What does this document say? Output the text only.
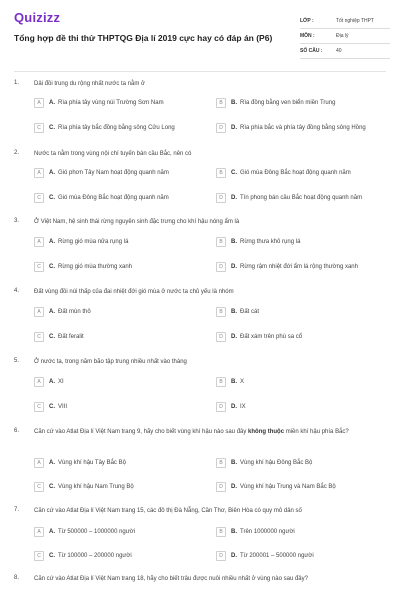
Quizizz
Tổng hợp đề thi thử THPTQG Địa lí 2019 cực hay có đáp án (P6)
LỚP :	Tốt nghiệp THPT
MÔN :	Địa lý
SỐ CÂU :	40
1. Dải đồi trung du rộng nhất nước ta nằm ở
A	A. Rìa phía tây vùng núi Trường Sơn Nam	B	B. Rìa đồng bằng ven biển miền Trung
C	C. Rìa phía tây bắc đồng bằng sông Cửu Long	D	D. Rìa phía bắc và phía tây đồng bằng sông Hồng
2. Nước ta nằm trong vùng nội chí tuyến bán cầu Bắc, nên có
A	A. Gió phơn Tây Nam hoạt động quanh năm	B	C. Gió mùa Đông Bắc hoạt động quanh năm
C	C. Gió mùa Đông Bắc hoạt động quanh năm	D	D. Tín phong bán cầu Bắc hoạt động quanh năm
3. Ở Việt Nam, hệ sinh thái rừng nguyên sinh đặc trưng cho khí hậu nóng ẩm là
A	A. Rừng gió mùa nửa rụng lá	B	B. Rừng thưa khô rụng lá
C	C. Rừng gió mùa thường xanh	D	D. Rừng rậm nhiệt đới ẩm lá rộng thường xanh
4. Đất vùng đồi núi thấp của đai nhiệt đới gió mùa ở nước ta chủ yếu là nhóm
A	A. Đất mùn thô	B	B. Đất cát
C	C. Đất feralit	D	D. Đất xám trên phù sa cổ
5. Ở nước ta, trong năm bão tập trung nhiều nhất vào tháng
A	A. XI	B	B. X
C	C. VIII	D	D. IX
6. Căn cứ vào Atlat Địa lí Việt Nam trang 9, hãy cho biết vùng khí hậu nào sau đây không thuộc miền khí hậu phía Bắc?
A	A. Vùng khí hậu Tây Bắc Bộ	B	B. Vùng khí hậu Đông Bắc Bộ
C	C. Vùng khí hậu Nam Trung Bộ	D	D. Vùng khí hậu Trung và Nam Bắc Bộ
7. Căn cứ vào Atlat Địa lí Việt Nam trang 15, các đô thị Đà Nẵng, Cần Thơ, Biên Hòa có quy mô dân số
A	A. Từ 500000 – 1000000 người	B	B. Trên 1000000 người
C	C. Từ 100000 – 200000 người	D	D. Từ 200001 – 500000 người
8. Căn cứ vào Atlat Địa lí Việt Nam trang 18, hãy cho biết trâu được nuôi nhiều nhất ở vùng nào sau đây?
